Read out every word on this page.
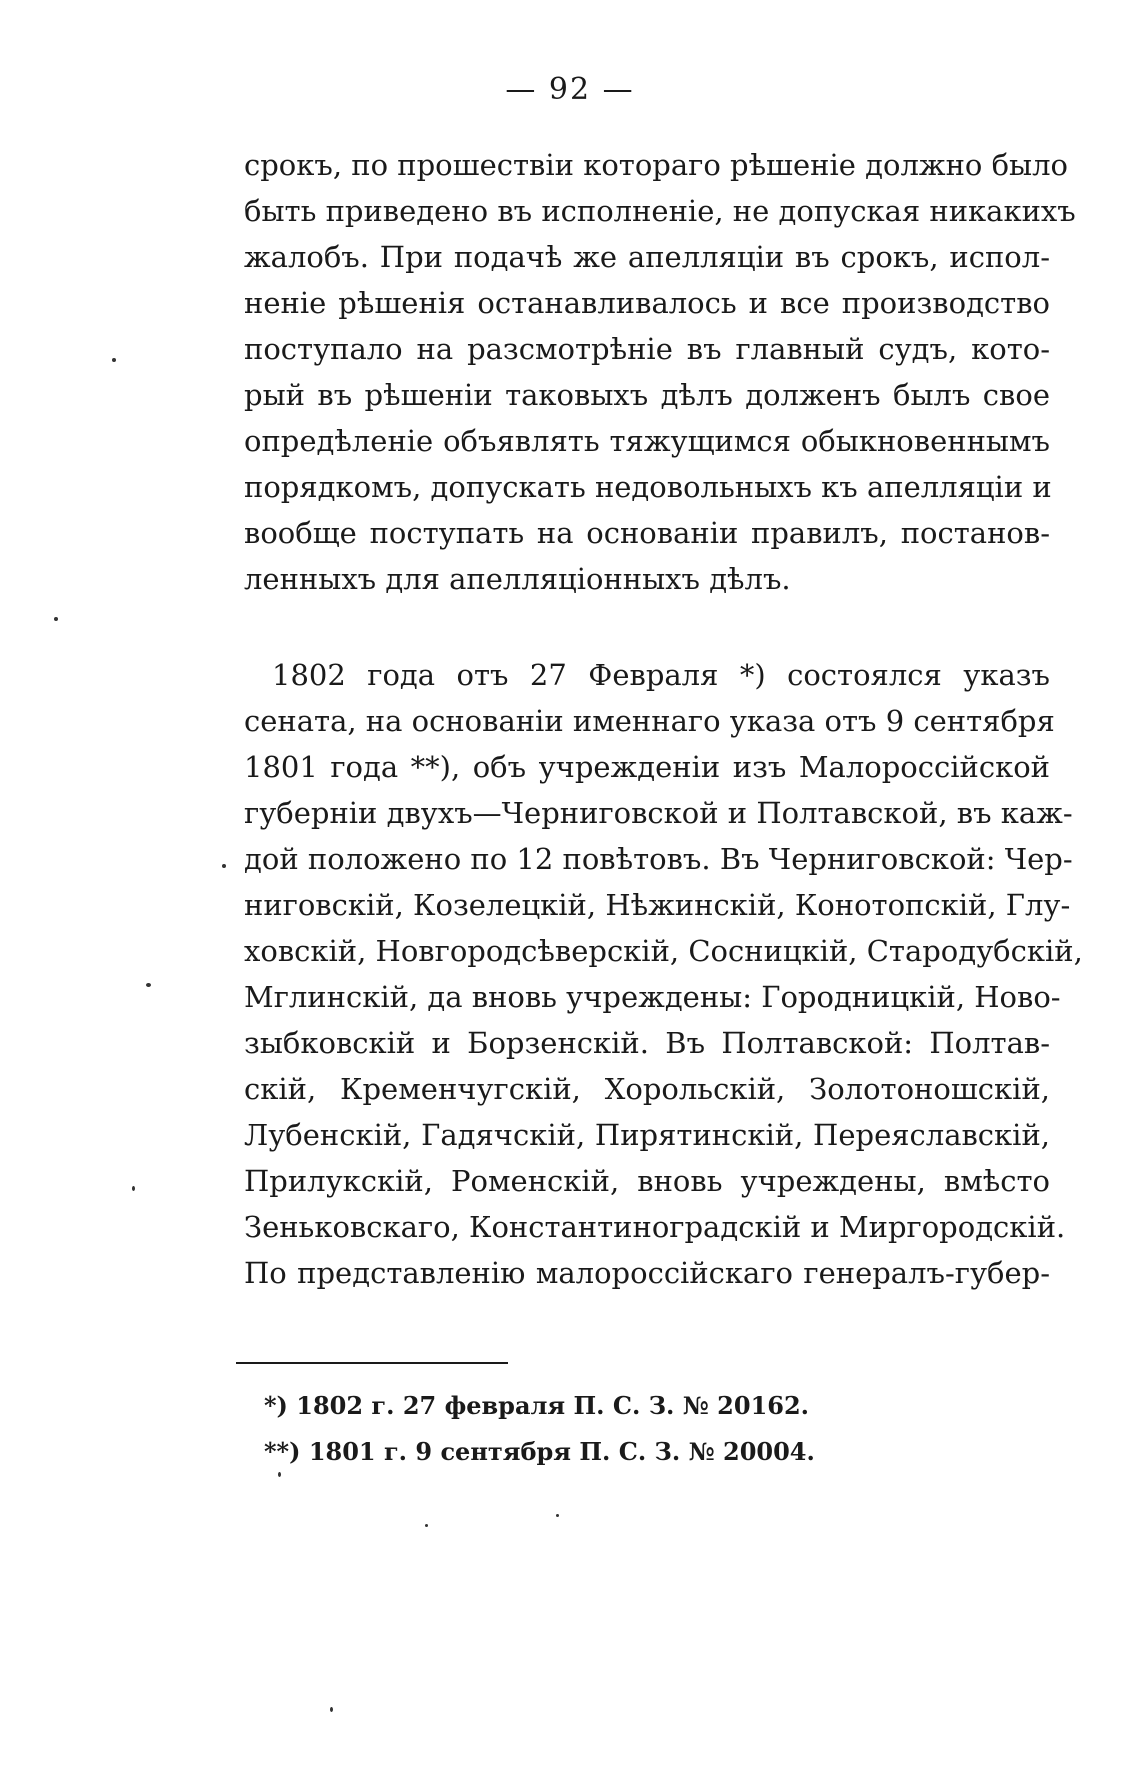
— 92 —
срокъ, по прошествіи котораго рѣшеніе должно было
быть приведено въ исполненіе, не допуская никакихъ
жалобъ. При подачѣ же апелляціи въ срокъ, испол-
неніе рѣшенія останавливалось и все производство
поступало на разсмотрѣніе въ главный судъ, кото-
рый въ рѣшеніи таковыхъ дѣлъ долженъ былъ свое
опредѣленіе объявлять тяжущимся обыкновеннымъ
порядкомъ, допускать недовольныхъ къ апелляціи и
вообще поступать на основаніи правилъ, постанов-
ленныхъ для апелляціонныхъ дѣлъ.
1802 года отъ 27 Февраля *) состоялся указъ
сената, на основаніи именнаго указа отъ 9 сентября
1801 года **), объ учрежденіи изъ Малороссійской
губерніи двухъ—Черниговской и Полтавской, въ каж-
дой положено по 12 повѣтовъ. Въ Черниговской: Чер-
ниговскій, Козелецкій, Нѣжинскій, Конотопскій, Глу-
ховскій, Новгородсѣверскій, Сосницкій, Стародубскій,
Мглинскій, да вновь учреждены: Городницкій, Ново-
зыбковскій и Борзенскій. Въ Полтавской: Полтав-
скій, Кременчугскій, Хорольскій, Золотоношскій,
Лубенскій, Гадячскій, Пирятинскій, Переяславскій,
Прилукскій, Роменскій, вновь учреждены, вмѣсто
Зеньковскаго, Константиноградскій и Миргородскій.
По представленію малороссійскаго генералъ-губер-
*) 1802 г. 27 февраля П. С. З. № 20162.
**) 1801 г. 9 сентября П. С. З. № 20004.
